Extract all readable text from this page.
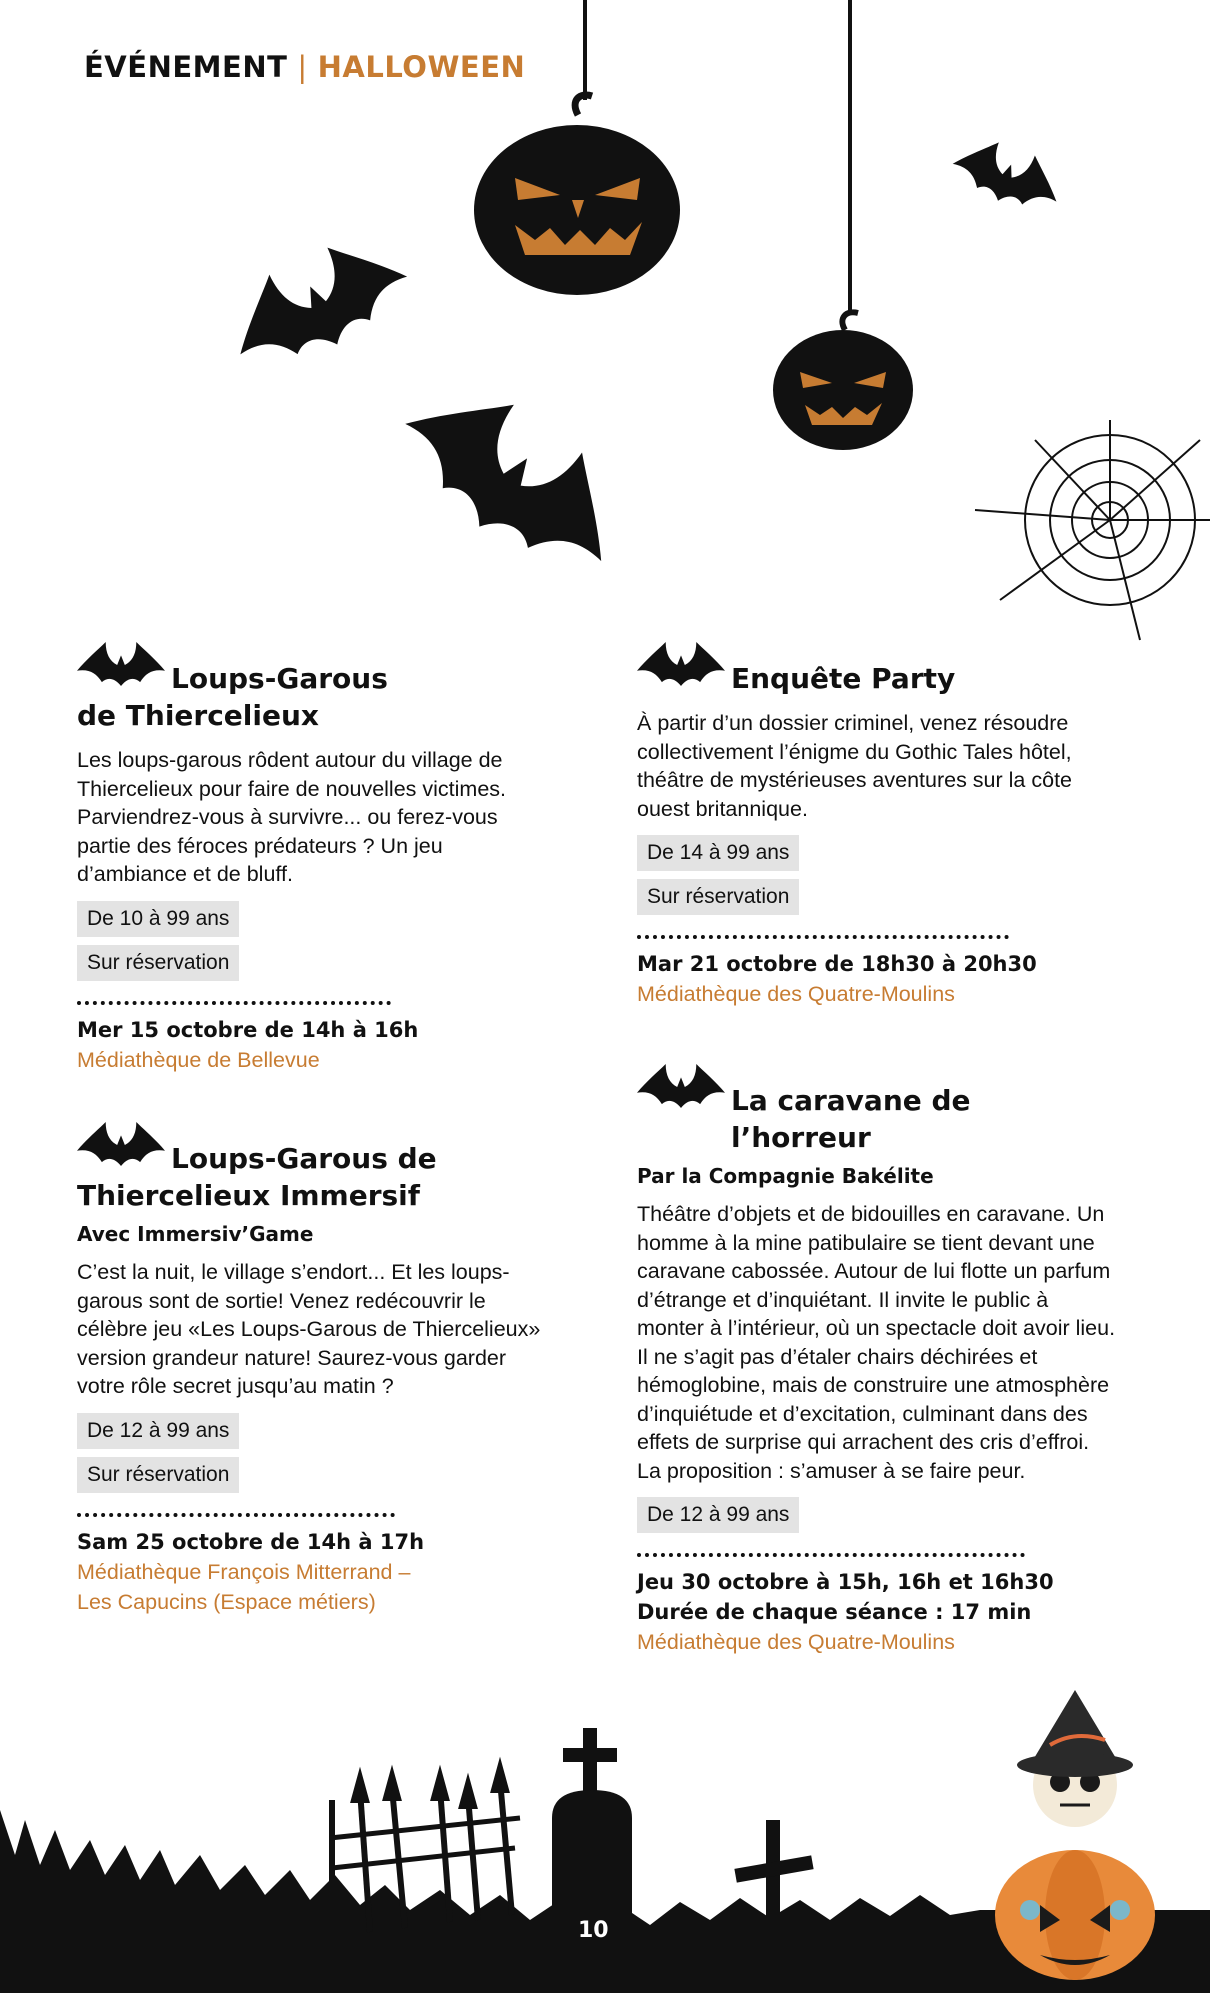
ÉVÉNEMENT | HALLOWEEN
Loups-Garous
de Thiercelieux
Les loups-garous rôdent autour du village de Thiercelieux pour faire de nouvelles victimes. Parviendrez-vous à survivre... ou ferez-vous partie des féroces prédateurs ? Un jeu d’ambiance et de bluff.
De 10 à 99 ans
Sur réservation
Mer 15 octobre de 14h à 16h
Médiathèque de Bellevue
Enquête Party
À partir d’un dossier criminel, venez résoudre collectivement l’énigme du Gothic Tales hôtel, théâtre de mystérieuses aventures sur la côte ouest britannique.
De 14 à 99 ans
Sur réservation
Mar 21 octobre de 18h30 à 20h30
Médiathèque des Quatre-Moulins
Loups-Garous de
Thiercelieux Immersif
Avec Immersiv’Game
C’est la nuit, le village s’endort... Et les loups-garous sont de sortie! Venez redécouvrir le célèbre jeu «Les Loups-Garous de Thiercelieux» version grandeur nature! Saurez-vous garder votre rôle secret jusqu’au matin ?
De 12 à 99 ans
Sur réservation
Sam 25 octobre de 14h à 17h
Médiathèque François Mitterrand –
Les Capucins (Espace métiers)
La caravane de l’horreur
Par la Compagnie Bakélite
Théâtre d’objets et de bidouilles en caravane. Un homme à la mine patibulaire se tient devant une caravane cabossée. Autour de lui flotte un parfum d’étrange et d’inquiétant. Il invite le public à monter à l’intérieur, où un spectacle doit avoir lieu. Il ne s’agit pas d’étaler chairs déchirées et hémoglobine, mais de construire une atmosphère d’inquiétude et d’excitation, culminant dans des effets de surprise qui arrachent des cris d’effroi. La proposition : s’amuser à se faire peur.
De 12 à 99 ans
Jeu 30 octobre à 15h, 16h et 16h30
Durée de chaque séance : 17 min
Médiathèque des Quatre-Moulins
10
